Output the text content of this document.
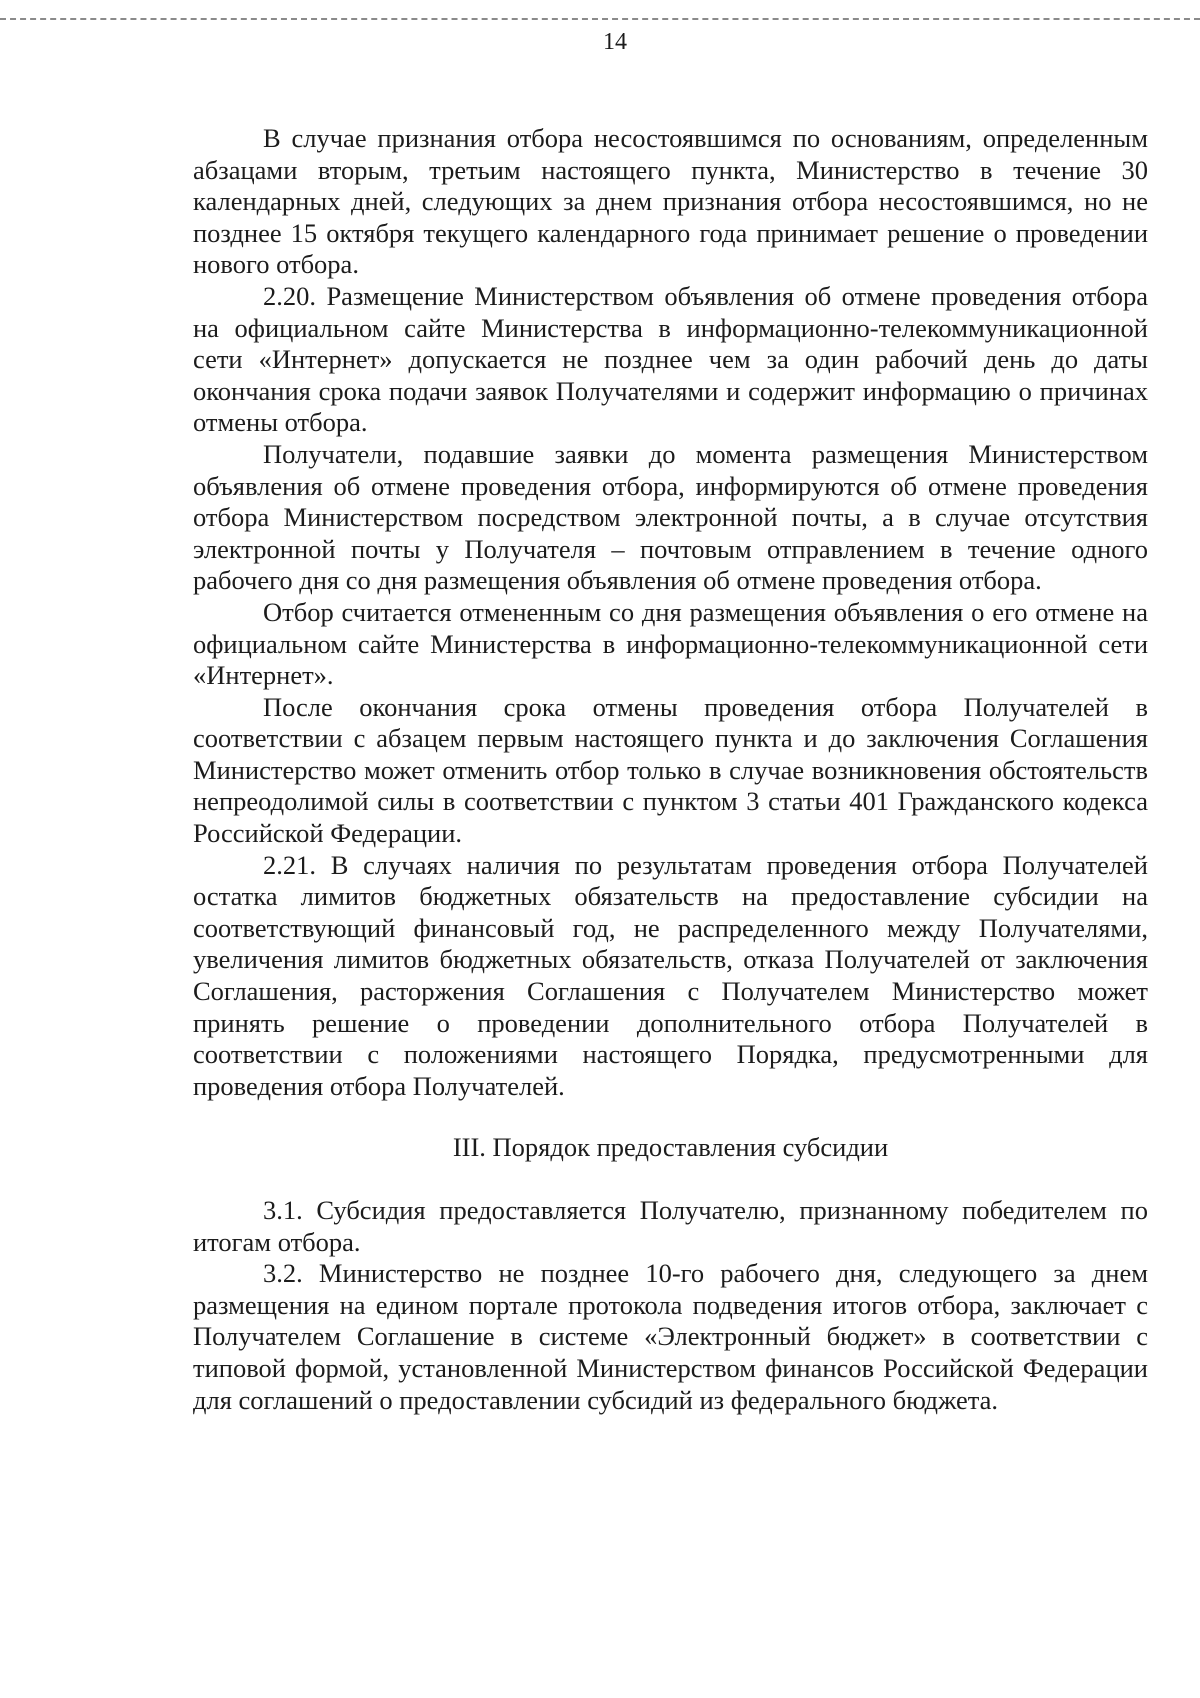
14

В случае признания отбора несостоявшимся по основаниям, определенным абзацами вторым, третьим настоящего пункта, Министерство в течение 30 календарных дней, следующих за днем признания отбора несостоявшимся, но не позднее 15 октября текущего календарного года принимает решение о проведении нового отбора.

2.20. Размещение Министерством объявления об отмене проведения отбора на официальном сайте Министерства в информационно-телекоммуникационной сети «Интернет» допускается не позднее чем за один рабочий день до даты окончания срока подачи заявок Получателями и содержит информацию о причинах отмены отбора.

Получатели, подавшие заявки до момента размещения Министерством объявления об отмене проведения отбора, информируются об отмене проведения отбора Министерством посредством электронной почты, а в случае отсутствия электронной почты у Получателя – почтовым отправлением в течение одного рабочего дня со дня размещения объявления об отмене проведения отбора.

Отбор считается отмененным со дня размещения объявления о его отмене на официальном сайте Министерства в информационно-телекоммуникационной сети «Интернет».

После окончания срока отмены проведения отбора Получателей в соответствии с абзацем первым настоящего пункта и до заключения Соглашения Министерство может отменить отбор только в случае возникновения обстоятельств непреодолимой силы в соответствии с пунктом 3 статьи 401 Гражданского кодекса Российской Федерации.

2.21. В случаях наличия по результатам проведения отбора Получателей остатка лимитов бюджетных обязательств на предоставление субсидии на соответствующий финансовый год, не распределенного между Получателями, увеличения лимитов бюджетных обязательств, отказа Получателей от заключения Соглашения, расторжения Соглашения с Получателем Министерство может принять решение о проведении дополнительного отбора Получателей в соответствии с положениями настоящего Порядка, предусмотренными для проведения отбора Получателей.

III. Порядок предоставления субсидии

3.1. Субсидия предоставляется Получателю, признанному победителем по итогам отбора.

3.2. Министерство не позднее 10-го рабочего дня, следующего за днем размещения на едином портале протокола подведения итогов отбора, заключает с Получателем Соглашение в системе «Электронный бюджет» в соответствии с типовой формой, установленной Министерством финансов Российской Федерации для соглашений о предоставлении субсидий из федерального бюджета.
